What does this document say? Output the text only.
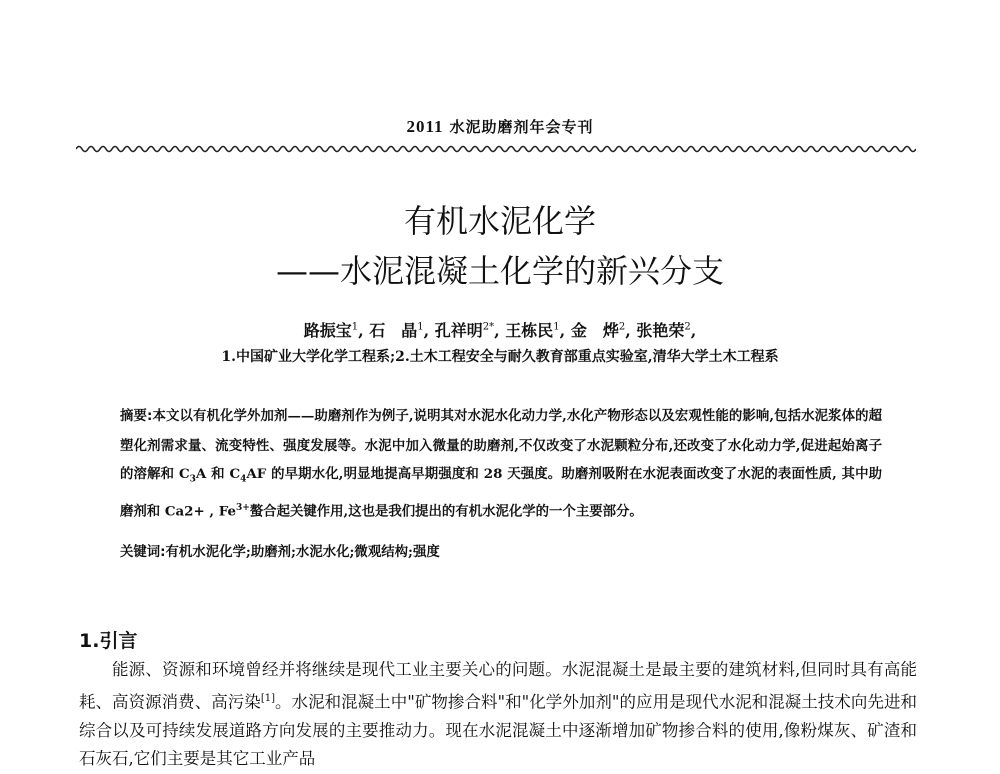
2011 水泥助磨剂年会专刊
有机水泥化学
——水泥混凝土化学的新兴分支
路振宝$^1$, 石　晶$^1$, 孔祥明$^{2*}$, 王栋民$^1$, 金　烨$^2$, 张艳荣$^2$,
1.中国矿业大学化学工程系;2.土木工程安全与耐久教育部重点实验室,清华大学土木工程系
摘要:本文以有机化学外加剂——助磨剂作为例子,说明其对水泥水化动力学,水化产物形态以及宏观性能的影响,包括水泥浆体的超塑化剂需求量、流变特性、强度发展等。水泥中加入微量的助磨剂,不仅改变了水泥颗粒分布,还改变了水化动力学,促进起始离子的溶解和 $C_3A$ 和 $C_4AF$ 的早期水化,明显地提高早期强度和 28 天强度。助磨剂吸附在水泥表面改变了水泥的表面性质, 其中助磨剂和 Ca2+ , $Fe^{3+}$螯合起关键作用,这也是我们提出的有机水泥化学的一个主要部分。
关键词:有机水泥化学;助磨剂;水泥水化;微观结构;强度
1.引言
能源、资源和环境曾经并将继续是现代工业主要关心的问题。水泥混凝土是最主要的建筑材料,但同时具有高能耗、高资源消费、高污染[1]。水泥和混凝土中"矿物掺合料"和"化学外加剂"的应用是现代水泥和混凝土技术向先进和综合以及可持续发展道路方向发展的主要推动力。现在水泥混凝土中逐渐增加矿物掺合料的使用,像粉煤灰、矿渣和石灰石,它们主要是其它工业产品
